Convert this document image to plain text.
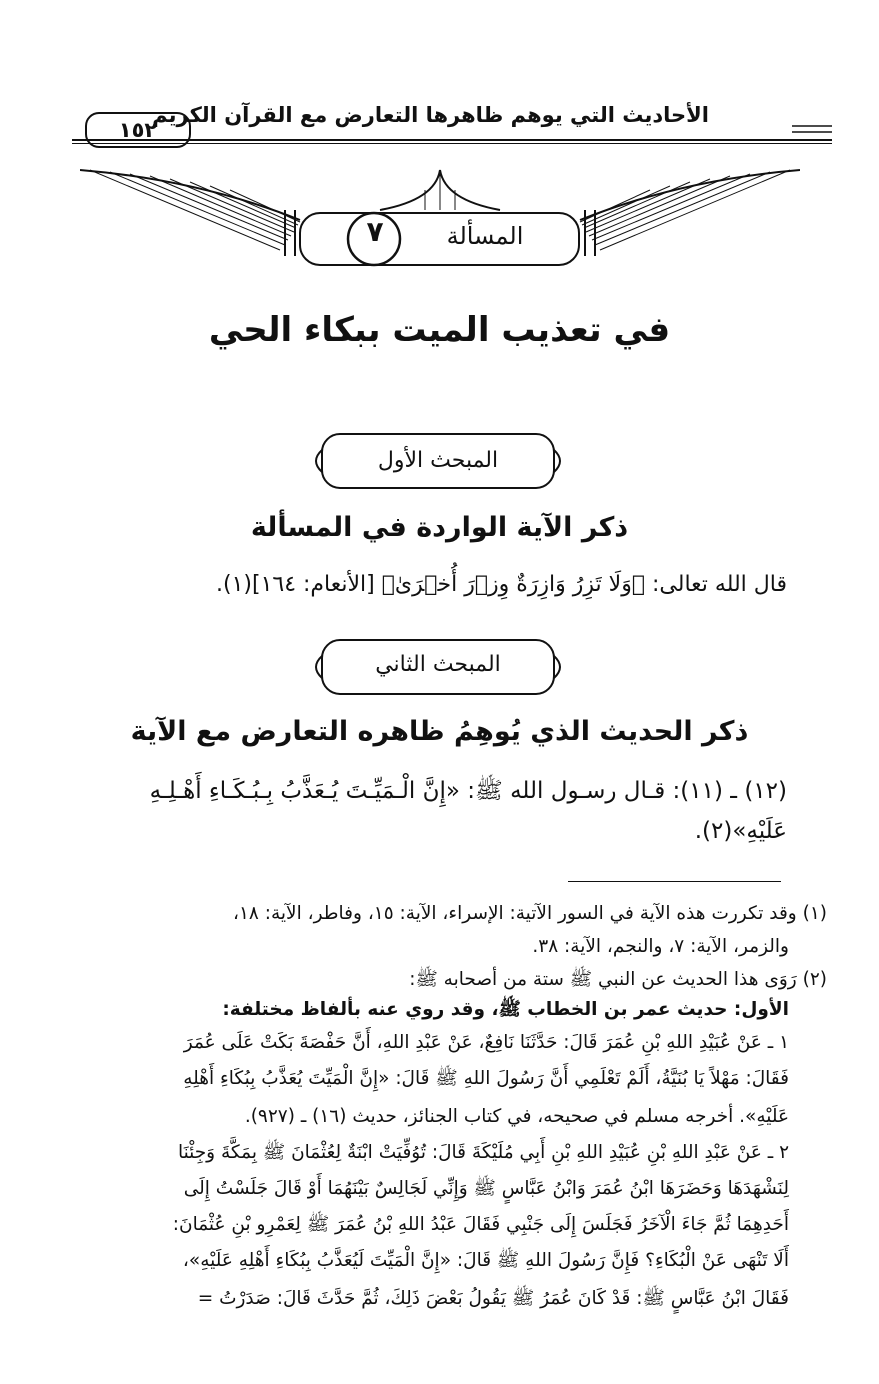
الأحاديث التي يوهم ظاهرها التعارض مع القرآن الكريم
١٥٢
المسألة
٧
في تعذيب الميت ببكاء الحي
المبحث الأول
ذكر الآية الواردة في المسألة
قال الله تعالى: ﴿وَلَا تَزِرُ وَازِرَةٌ وِزۡرَ أُخۡرَىٰ﴾ [الأنعام: ١٦٤](١).
المبحث الثاني
ذكر الحديث الذي يُوهِمُ ظاهره التعارض مع الآية
(١٢) ـ (١١): قـال رسـول الله ﷺ: «إِنَّ الْـمَيِّـتَ يُـعَذَّبُ بِـبُـكَـاءِ أَهْـلِـهِ
عَلَيْهِ»(٢).
(١) وقد تكررت هذه الآية في السور الآتية: الإسراء، الآية: ١٥، وفاطر، الآية: ١٨،
والزمر، الآية: ٧، والنجم، الآية: ٣٨.
(٢) رَوَى هذا الحديث عن النبي ﷺ ستة من أصحابه ﷺ:
الأول: حديث عمر بن الخطاب ﷺ، وقد روي عنه بألفاظ مختلفة:
١ ـ عَنْ عُبَيْدِ اللهِ بْنِ عُمَرَ قَالَ: حَدَّثَنَا نَافِعٌ، عَنْ عَبْدِ اللهِ، أَنَّ حَفْصَةَ بَكَتْ عَلَى عُمَرَ
فَقَالَ: مَهْلاً يَا بُنَيَّةُ، أَلَمْ تَعْلَمِي أَنَّ رَسُولَ اللهِ ﷺ قَالَ: «إِنَّ الْمَيِّتَ يُعَذَّبُ بِبُكَاءِ أَهْلِهِ
عَلَيْهِ». أخرجه مسلم في صحيحه، في كتاب الجنائز، حديث (١٦) ـ (٩٢٧).
٢ ـ عَنْ عَبْدِ اللهِ بْنِ عُبَيْدِ اللهِ بْنِ أَبِي مُلَيْكَةَ قَالَ: تُوُفِّيَتْ ابْنَةٌ لِعُثْمَانَ ﷺ بِمَكَّةَ وَجِئْنَا
لِنَشْهَدَهَا وَحَضَرَهَا ابْنُ عُمَرَ وَابْنُ عَبَّاسٍ ﷺ وَإِنِّي لَجَالِسٌ بَيْنَهُمَا أَوْ قَالَ جَلَسْتُ إِلَى
أَحَدِهِمَا ثُمَّ جَاءَ الْآخَرُ فَجَلَسَ إِلَى جَنْبِي فَقَالَ عَبْدُ اللهِ بْنُ عُمَرَ ﷺ لِعَمْرِو بْنِ عُثْمَانَ:
أَلَا تَنْهَى عَنْ الْبُكَاءِ؟ فَإِنَّ رَسُولَ اللهِ ﷺ قَالَ: «إِنَّ الْمَيِّتَ لَيُعَذَّبُ بِبُكَاءِ أَهْلِهِ عَلَيْهِ»،
فَقَالَ ابْنُ عَبَّاسٍ ﷺ: قَدْ كَانَ عُمَرُ ﷺ يَقُولُ بَعْضَ ذَلِكَ، ثُمَّ حَدَّثَ قَالَ: صَدَرْتُ =
